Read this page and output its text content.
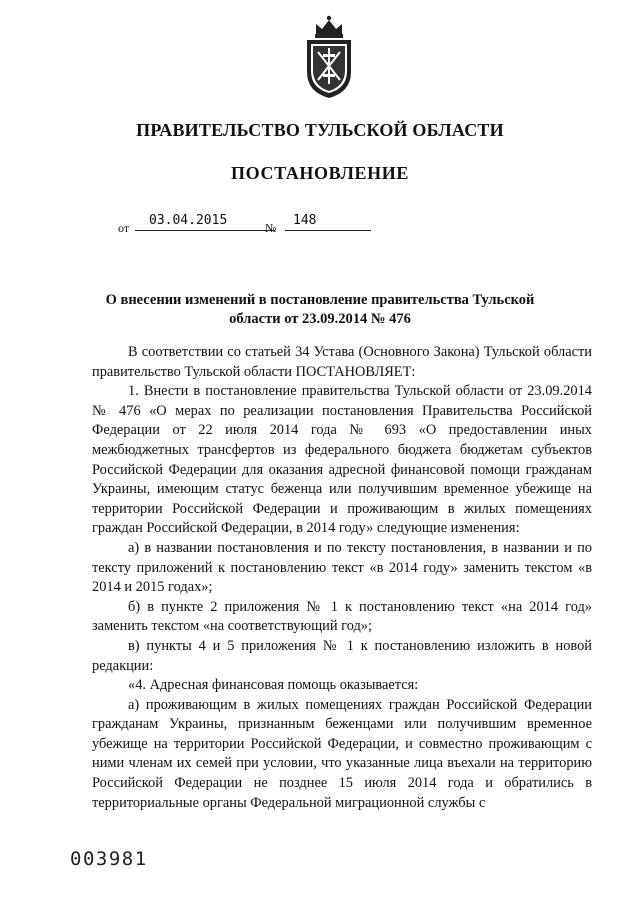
ПРАВИТЕЛЬСТВО ТУЛЬСКОЙ ОБЛАСТИ
ПОСТАНОВЛЕНИЕ
от	03.04.2015	№	148
О внесении изменений в постановление правительства Тульской
области от 23.09.2014 № 476

В соответствии со статьей 34 Устава (Основного Закона) Тульской области правительство Тульской области ПОСТАНОВЛЯЕТ:

1. Внести в постановление правительства Тульской области от 23.09.2014 № 476 «О мерах по реализации постановления Правительства Российской Федерации от 22 июля 2014 года № 693 «О предоставлении иных межбюджетных трансфертов из федерального бюджета бюджетам субъектов Российской Федерации для оказания адресной финансовой помощи гражданам Украины, имеющим статус беженца или получившим временное убежище на территории Российской Федерации и проживающим в жилых помещениях граждан Российской Федерации, в 2014 году» следующие изменения:

а) в названии постановления и по тексту постановления, в названии и по тексту приложений к постановлению текст «в 2014 году» заменить текстом «в 2014 и 2015 годах»;

б) в пункте 2 приложения № 1 к постановлению текст «на 2014 год» заменить текстом «на соответствующий год»;

в) пункты 4 и 5 приложения № 1 к постановлению изложить в новой редакции:

«4. Адресная финансовая помощь оказывается:

а) проживающим в жилых помещениях граждан Российской Федерации гражданам Украины, признанным беженцами или получившим временное убежище на территории Российской Федерации, и совместно проживающим с ними членам их семей при условии, что указанные лица въехали на территорию Российской Федерации не позднее 15 июля 2014 года и обратились в территориальные органы Федеральной миграционной службы с

003981
